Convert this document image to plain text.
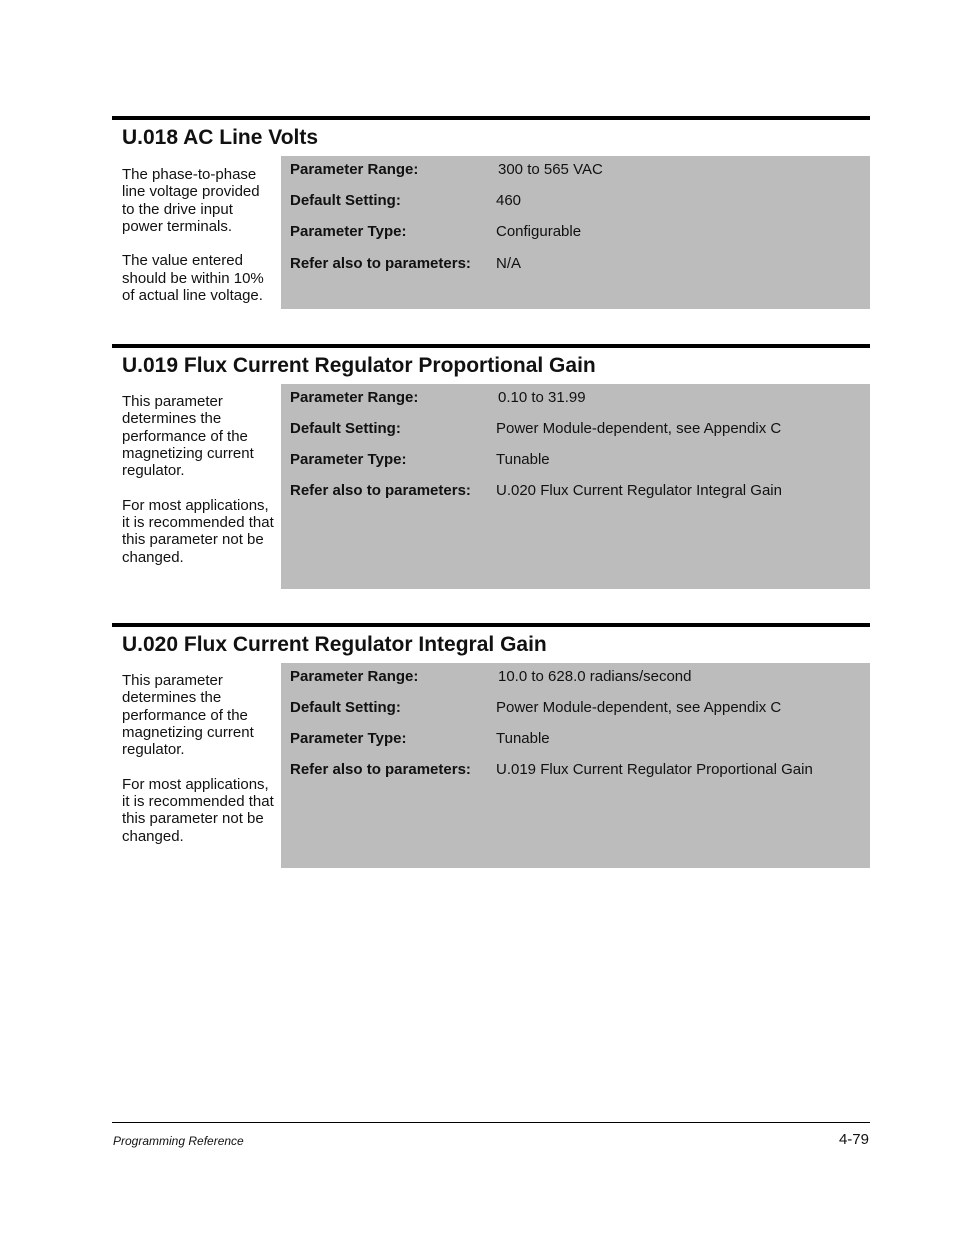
U.018 AC Line Volts

The phase-to-phase line voltage provided to the drive input power terminals.

The value entered should be within 10% of actual line voltage.

Parameter Range:	300 to 565 VAC
Default Setting:	460
Parameter Type:	Configurable
Refer also to parameters: N/A
U.019 Flux Current Regulator Proportional Gain

This parameter determines the performance of the magnetizing current regulator.

For most applications, it is recommended that this parameter not be changed.

Parameter Range:	0.10 to 31.99
Default Setting:	Power Module-dependent, see Appendix C
Parameter Type:	Tunable
Refer also to parameters: U.020 Flux Current Regulator Integral Gain
U.020 Flux Current Regulator Integral Gain

This parameter determines the performance of the magnetizing current regulator.

For most applications, it is recommended that this parameter not be changed.

Parameter Range:	10.0 to 628.0 radians/second
Default Setting:	Power Module-dependent, see Appendix C
Parameter Type:	Tunable
Refer also to parameters: U.019 Flux Current Regulator Proportional Gain
Programming Reference	4-79
